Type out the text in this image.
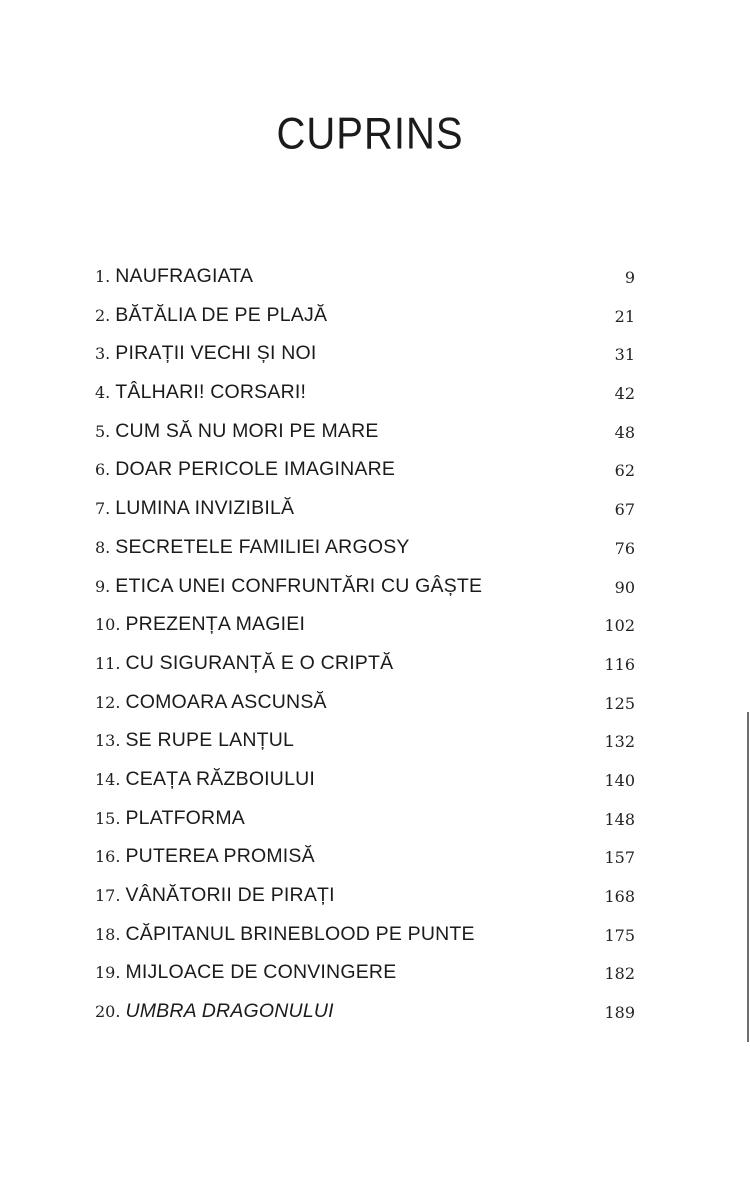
CUPRINS
1. NAUFRAGIATA	9
2. BĂTĂLIA DE PE PLAJĂ	21
3. PIRAȚII VECHI ȘI NOI	31
4. TÂLHARI! CORSARI!	42
5. CUM SĂ NU MORI PE MARE	48
6. DOAR PERICOLE IMAGINARE	62
7. LUMINA INVIZIBILĂ	67
8. SECRETELE FAMILIEI ARGOSY	76
9. ETICA UNEI CONFRUNTĂRI CU GÂȘTE	90
10. PREZENȚA MAGIEI	102
11. CU SIGURANȚĂ E O CRIPTĂ	116
12. COMOARA ASCUNSĂ	125
13. SE RUPE LANȚUL	132
14. CEAȚA RĂZBOIULUI	140
15. PLATFORMA	148
16. PUTEREA PROMISĂ	157
17. VÂNĂTORII DE PIRAȚI	168
18. CĂPITANUL BRINEBLOOD PE PUNTE	175
19. MIJLOACE DE CONVINGERE	182
20. UMBRA DRAGONULUI	189
